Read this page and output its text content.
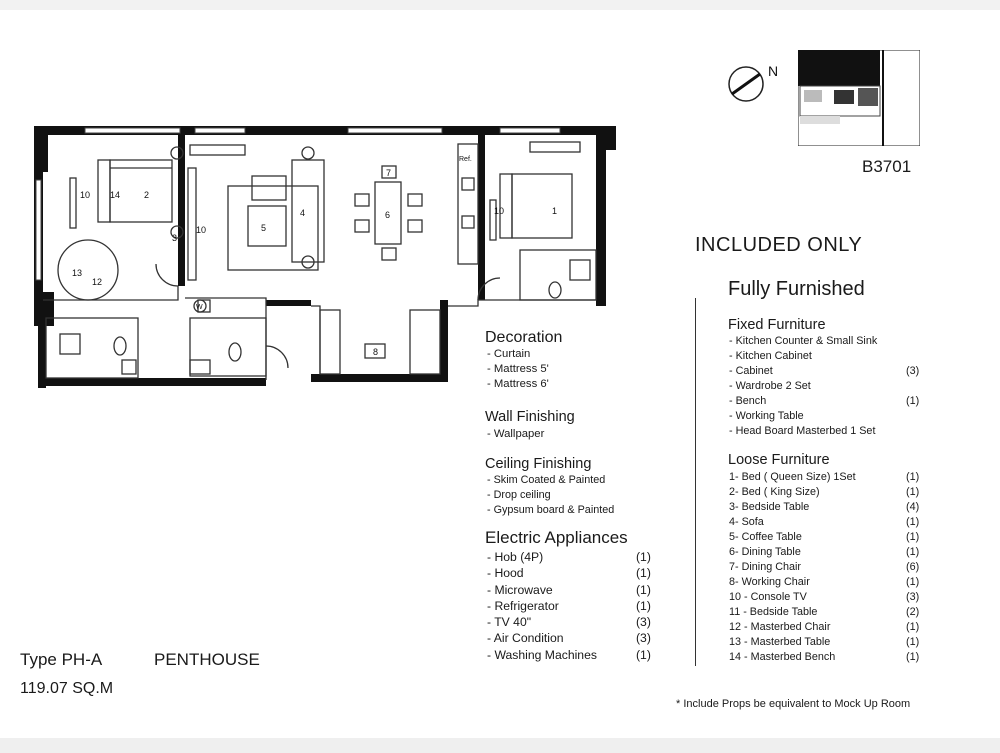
2
14
10
3
10
13
12
5
4	6
7
8
1
10
Ref.
W
N
B3701
INCLUDED ONLY
Fully Furnished
Decoration
- Curtain
- Mattress 5'
- Mattress 6'
Wall Finishing
- Wallpaper
Ceiling Finishing
- Skim Coated & Painted
- Drop ceiling
- Gypsum board & Painted
Electric Appliances
- Hob (4P)	(1)
- Hood	(1)
- Microwave	(1)
- Refrigerator	(1)
- TV 40"	(3)
- Air Condition	(3)
- Washing Machines	(1)
Fixed Furniture
- Kitchen Counter & Small Sink
- Kitchen Cabinet
- Cabinet	(3)
- Wardrobe 2 Set
- Bench	(1)
- Working Table
- Head Board Masterbed 1 Set
Loose Furniture
1- Bed ( Queen Size) 1Set	(1)
2- Bed ( King Size)	(1)
3- Bedside Table	(4)
4- Sofa	(1)
5- Coffee Table	(1)
6- Dining Table	(1)
7- Dining Chair	(6)
8- Working Chair	(1)
10 - Console TV	(3)
11 - Bedside Table	(2)
12 - Masterbed Chair	(1)
13 - Masterbed Table	(1)
14 - Masterbed Bench	(1)
Type PH-A	PENTHOUSE
119.07 SQ.M
* Include Props be equivalent to Mock Up Room
